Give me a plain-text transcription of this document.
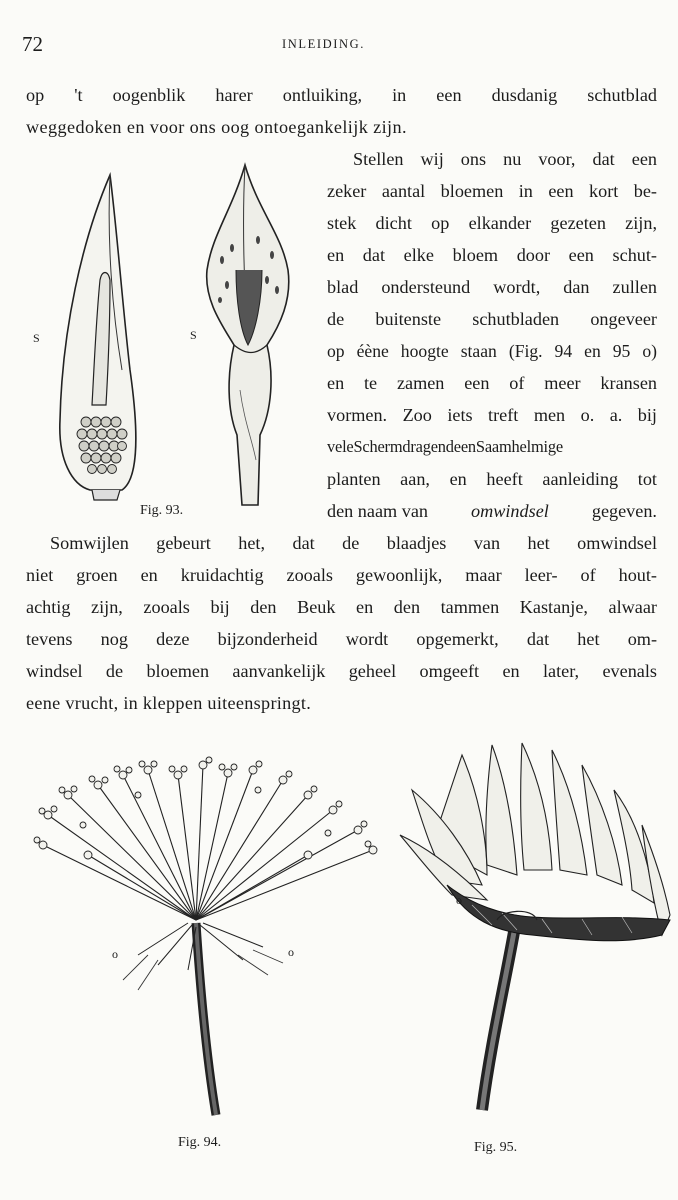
72	INLEIDING.
op 't oogenblik harer ontluiking, in een dusdanig schutblad
weggedoken en voor ons oog ontoegankelijk zijn.
Stellen wij ons nu voor, dat een
zeker aantal bloemen in een kort be-
stek dicht op elkander gezeten zijn,
en dat elke bloem door een schut-
blad ondersteund wordt, dan zullen
de buitenste schutbladen ongeveer
op éène hoogte staan (Fig. 94 en 95 o)
en te zamen een of meer kransen
vormen. Zoo iets treft men o. a. bij
veleSchermdragendeenSaamhelmige
planten aan, en heeft aanleiding tot
den naam van omwindsel gegeven.
Somwijlen gebeurt het, dat de blaadjes van het omwindsel
niet groen en kruidachtig zooals gewoonlijk, maar leer- of hout-
achtig zijn, zooals bij den Beuk en den tammen Kastanje, alwaar
tevens nog deze bijzonderheid wordt opgemerkt, dat het om-
windsel de bloemen aanvankelijk geheel omgeeft en later, evenals
eene vrucht, in kleppen uiteenspringt.
S	S
Fig. 93.
o	o
Fig. 94.
o
Fig. 95.
